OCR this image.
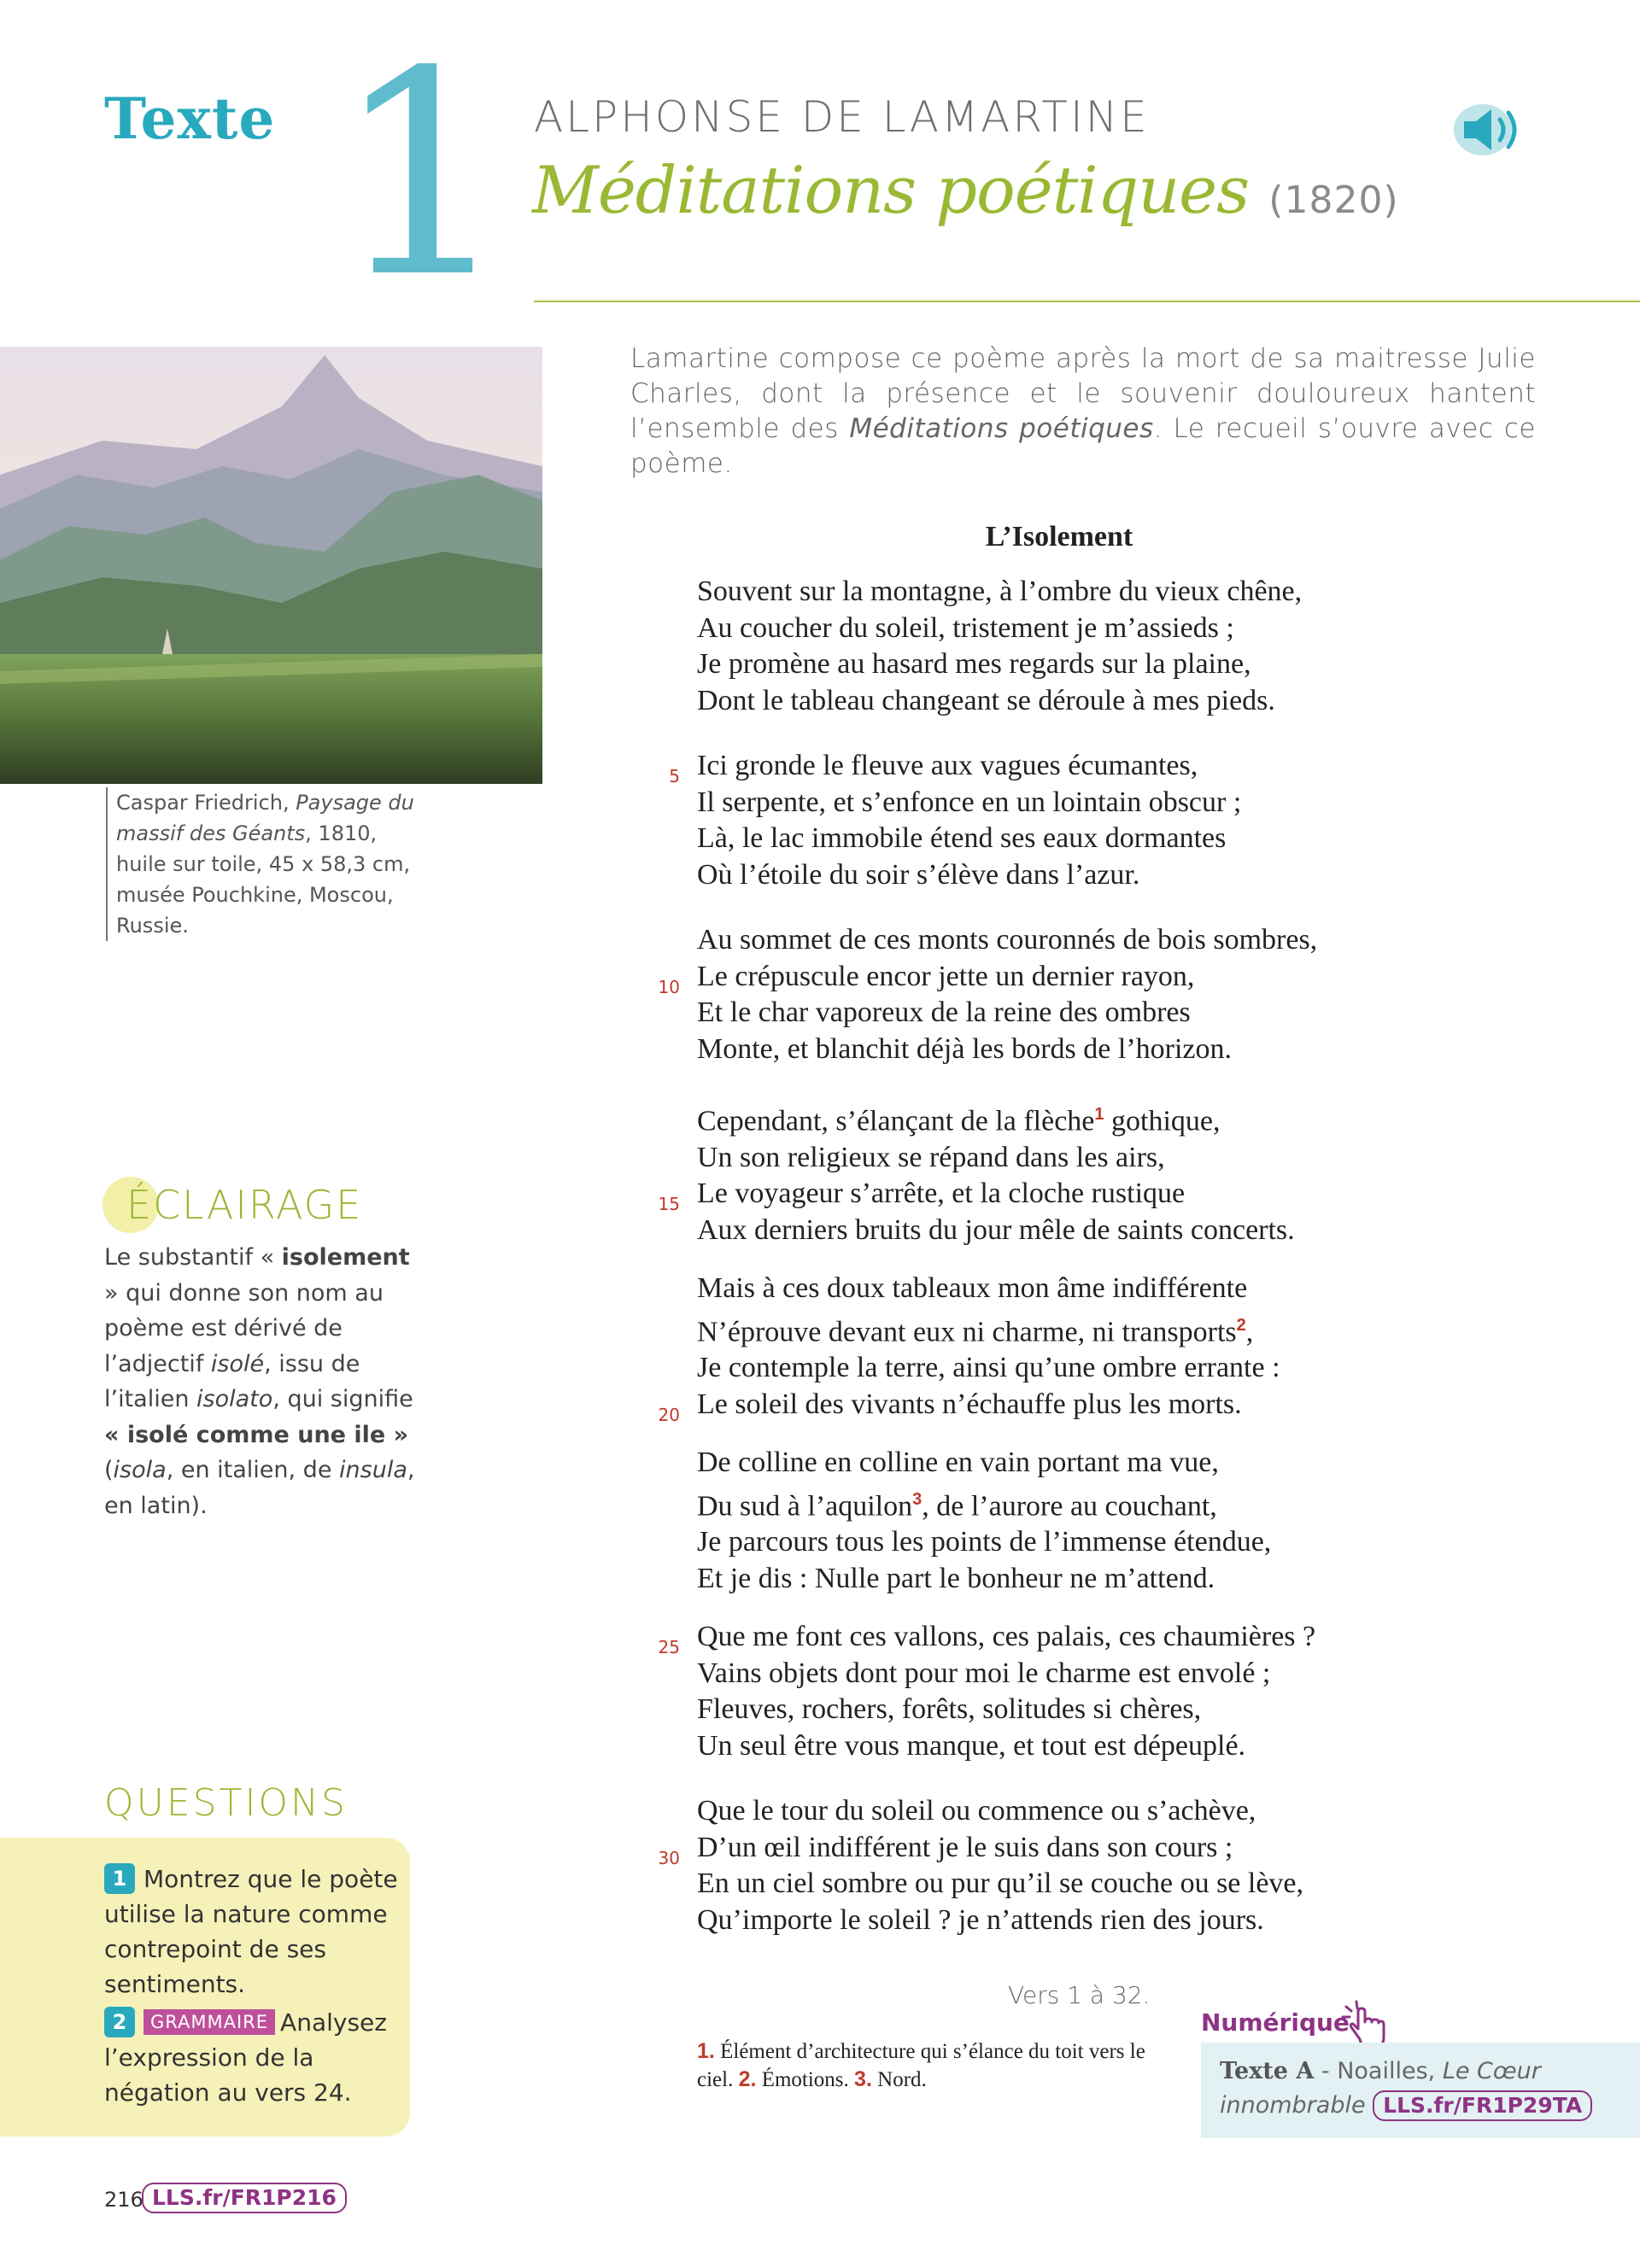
Texte 1 ALPHONSE DE LAMARTINE
Méditations poétiques (1820)
Caspar Friedrich, Paysage du massif des Géants, 1810, huile sur toile, 45 x 58,3 cm, musée Pouchkine, Moscou, Russie.
Lamartine compose ce poème après la mort de sa maitresse Julie Charles, dont la présence et le souvenir douloureux hantent l’ensemble des Méditations poétiques. Le recueil s’ouvre avec ce poème.
L’Isolement
Souvent sur la montagne, à l’ombre du vieux chêne,
Au coucher du soleil, tristement je m’assieds ;
Je promène au hasard mes regards sur la plaine,
Dont le tableau changeant se déroule à mes pieds.
5 Ici gronde le fleuve aux vagues écumantes,
Il serpente, et s’enfonce en un lointain obscur ;
Là, le lac immobile étend ses eaux dormantes
Où l’étoile du soir s’élève dans l’azur.
Au sommet de ces monts couronnés de bois sombres,
10 Le crépuscule encor jette un dernier rayon,
Et le char vaporeux de la reine des ombres
Monte, et blanchit déjà les bords de l’horizon.
Cependant, s’élançant de la flèche$^1$ gothique,
Un son religieux se répand dans les airs,
15 Le voyageur s’arrête, et la cloche rustique
Aux derniers bruits du jour mêle de saints concerts.
Mais à ces doux tableaux mon âme indifférente
N’éprouve devant eux ni charme, ni transports$^2$,
Je contemple la terre, ainsi qu’une ombre errante :
20 Le soleil des vivants n’échauffe plus les morts.
De colline en colline en vain portant ma vue,
Du sud à l’aquilon$^3$, de l’aurore au couchant,
Je parcours tous les points de l’immense étendue,
Et je dis : Nulle part le bonheur ne m’attend.
25 Que me font ces vallons, ces palais, ces chaumières ?
Vains objets dont pour moi le charme est envolé ;
Fleuves, rochers, forêts, solitudes si chères,
Un seul être vous manque, et tout est dépeuplé.
Que le tour du soleil ou commence ou s’achève,
30 D’un œil indifférent je le suis dans son cours ;
En un ciel sombre ou pur qu’il se couche ou se lève,
Qu’importe le soleil ? je n’attends rien des jours.
Vers 1 à 32.
1. Élément d’architecture qui s’élance du toit vers le ciel. 2. Émotions. 3. Nord.
Numérique
Texte A - Noailles, Le Cœur innombrable LLS.fr/FR1P29TA
ÉCLAIRAGE
Le substantif « isolement » qui donne son nom au poème est dérivé de l’adjectif isolé, issu de l’italien isolato, qui signifie « isolé comme une ile » (isola, en italien, de insula, en latin).
QUESTIONS
1 Montrez que le poète utilise la nature comme contrepoint de ses sentiments.
2 GRAMMAIRE Analysez l’expression de la négation au vers 24.
216 LLS.fr/FR1P216
